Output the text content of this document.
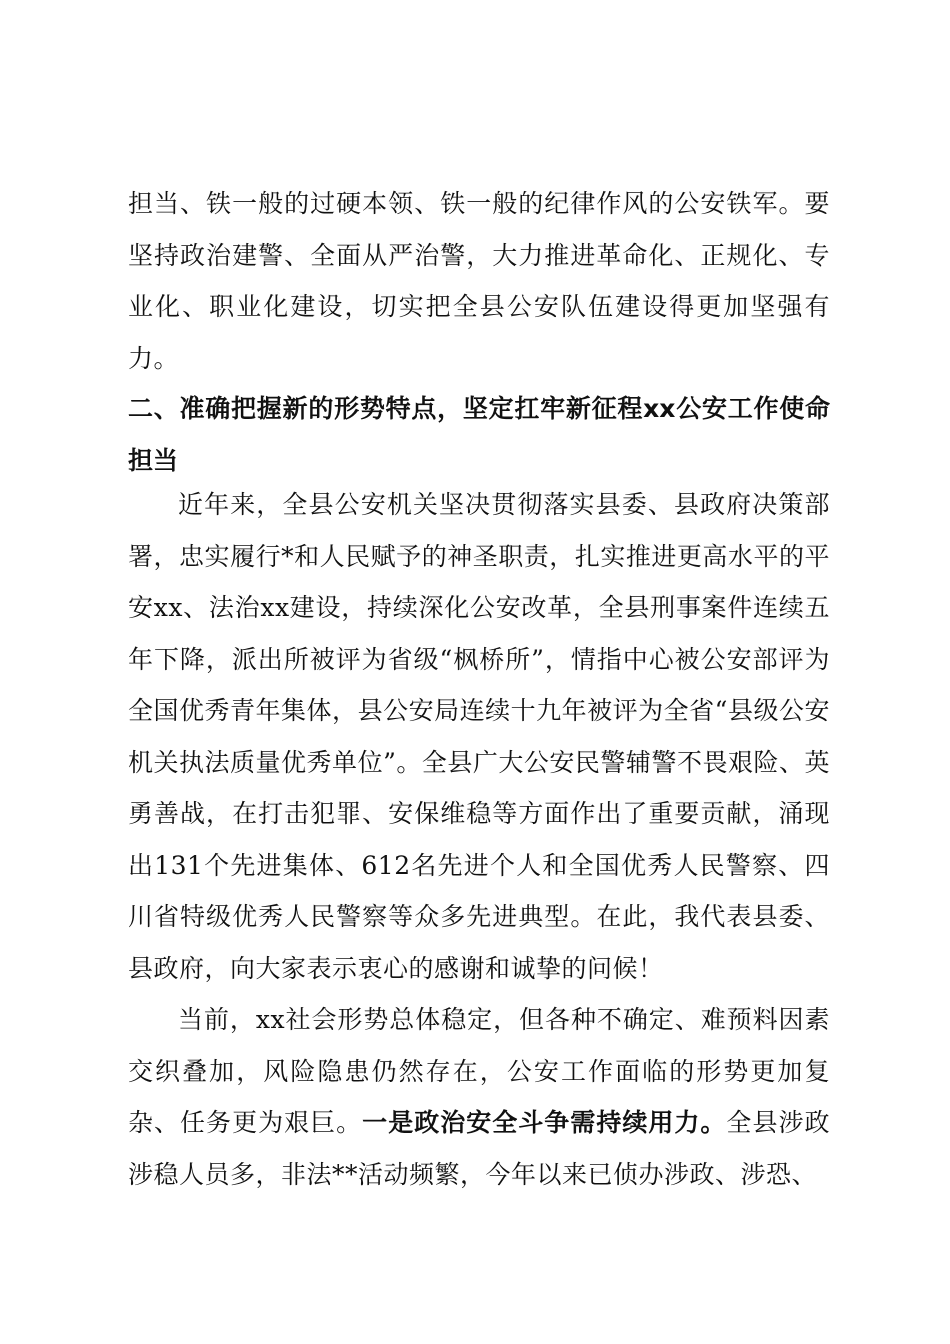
担当、铁一般的过硬本领、铁一般的纪律作风的公安铁军。要坚持政治建警、全面从严治警，大力推进革命化、正规化、专业化、职业化建设，切实把全县公安队伍建设得更加坚强有力。

二、准确把握新的形势特点，坚定扛牢新征程xx公安工作使命担当

近年来，全县公安机关坚决贯彻落实县委、县政府决策部署，忠实履行*和人民赋予的神圣职责，扎实推进更高水平的平安xx、法治xx建设，持续深化公安改革，全县刑事案件连续五年下降，派出所被评为省级“枫桥所”，情指中心被公安部评为全国优秀青年集体，县公安局连续十九年被评为全省“县级公安机关执法质量优秀单位”。全县广大公安民警辅警不畏艰险、英勇善战，在打击犯罪、安保维稳等方面作出了重要贡献，涌现出131个先进集体、612名先进个人和全国优秀人民警察、四川省特级优秀人民警察等众多先进典型。在此，我代表县委、县政府，向大家表示衷心的感谢和诚挚的问候！

当前，xx社会形势总体稳定，但各种不确定、难预料因素交织叠加，风险隐患仍然存在，公安工作面临的形势更加复杂、任务更为艰巨。一是政治安全斗争需持续用力。全县涉政涉稳人员多，非法**活动频繁，今年以来已侦办涉政、涉恐、
